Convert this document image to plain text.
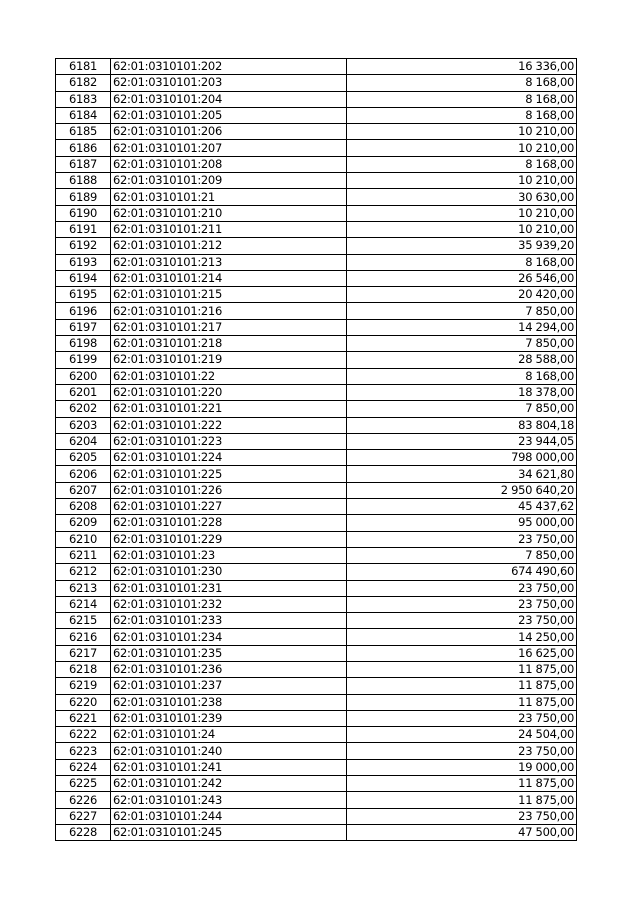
6181	62:01:0310101:202	16 336,00
6182	62:01:0310101:203	8 168,00
6183	62:01:0310101:204	8 168,00
6184	62:01:0310101:205	8 168,00
6185	62:01:0310101:206	10 210,00
6186	62:01:0310101:207	10 210,00
6187	62:01:0310101:208	8 168,00
6188	62:01:0310101:209	10 210,00
6189	62:01:0310101:21	30 630,00
6190	62:01:0310101:210	10 210,00
6191	62:01:0310101:211	10 210,00
6192	62:01:0310101:212	35 939,20
6193	62:01:0310101:213	8 168,00
6194	62:01:0310101:214	26 546,00
6195	62:01:0310101:215	20 420,00
6196	62:01:0310101:216	7 850,00
6197	62:01:0310101:217	14 294,00
6198	62:01:0310101:218	7 850,00
6199	62:01:0310101:219	28 588,00
6200	62:01:0310101:22	8 168,00
6201	62:01:0310101:220	18 378,00
6202	62:01:0310101:221	7 850,00
6203	62:01:0310101:222	83 804,18
6204	62:01:0310101:223	23 944,05
6205	62:01:0310101:224	798 000,00
6206	62:01:0310101:225	34 621,80
6207	62:01:0310101:226	2 950 640,20
6208	62:01:0310101:227	45 437,62
6209	62:01:0310101:228	95 000,00
6210	62:01:0310101:229	23 750,00
6211	62:01:0310101:23	7 850,00
6212	62:01:0310101:230	674 490,60
6213	62:01:0310101:231	23 750,00
6214	62:01:0310101:232	23 750,00
6215	62:01:0310101:233	23 750,00
6216	62:01:0310101:234	14 250,00
6217	62:01:0310101:235	16 625,00
6218	62:01:0310101:236	11 875,00
6219	62:01:0310101:237	11 875,00
6220	62:01:0310101:238	11 875,00
6221	62:01:0310101:239	23 750,00
6222	62:01:0310101:24	24 504,00
6223	62:01:0310101:240	23 750,00
6224	62:01:0310101:241	19 000,00
6225	62:01:0310101:242	11 875,00
6226	62:01:0310101:243	11 875,00
6227	62:01:0310101:244	23 750,00
6228	62:01:0310101:245	47 500,00
